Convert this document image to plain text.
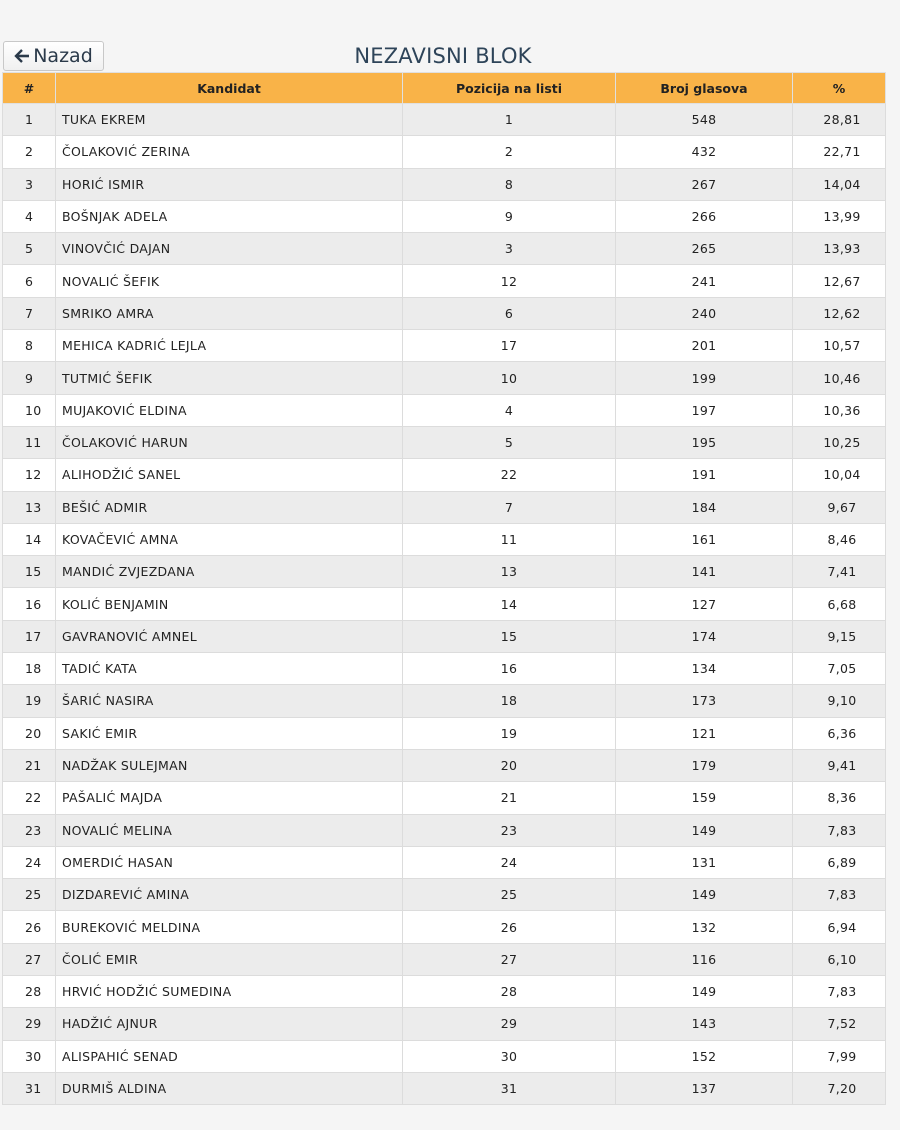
Nazad	NEZAVISNI BLOK
#	Kandidat	Pozicija na listi	Broj glasova	%
1	TUKA EKREM	1	548	28,81
2	ČOLAKOVIĆ ZERINA	2	432	22,71
3	HORIĆ ISMIR	8	267	14,04
4	BOŠNJAK ADELA	9	266	13,99
5	VINOVČIĆ DAJAN	3	265	13,93
6	NOVALIĆ ŠEFIK	12	241	12,67
7	SMRIKO AMRA	6	240	12,62
8	MEHICA KADRIĆ LEJLA	17	201	10,57
9	TUTMIĆ ŠEFIK	10	199	10,46
10	MUJAKOVIĆ ELDINA	4	197	10,36
11	ČOLAKOVIĆ HARUN	5	195	10,25
12	ALIHODŽIĆ SANEL	22	191	10,04
13	BEŠIĆ ADMIR	7	184	9,67
14	KOVAČEVIĆ AMNA	11	161	8,46
15	MANDIĆ ZVJEZDANA	13	141	7,41
16	KOLIĆ BENJAMIN	14	127	6,68
17	GAVRANOVIĆ AMNEL	15	174	9,15
18	TADIĆ KATA	16	134	7,05
19	ŠARIĆ NASIRA	18	173	9,10
20	SAKIĆ EMIR	19	121	6,36
21	NADŽAK SULEJMAN	20	179	9,41
22	PAŠALIĆ MAJDA	21	159	8,36
23	NOVALIĆ MELINA	23	149	7,83
24	OMERDIĆ HASAN	24	131	6,89
25	DIZDAREVIĆ AMINA	25	149	7,83
26	BUREKOVIĆ MELDINA	26	132	6,94
27	ČOLIĆ EMIR	27	116	6,10
28	HRVIĆ HODŽIĆ SUMEDINA	28	149	7,83
29	HADŽIĆ AJNUR	29	143	7,52
30	ALISPAHIĆ SENAD	30	152	7,99
31	DURMIŠ ALDINA	31	137	7,20
